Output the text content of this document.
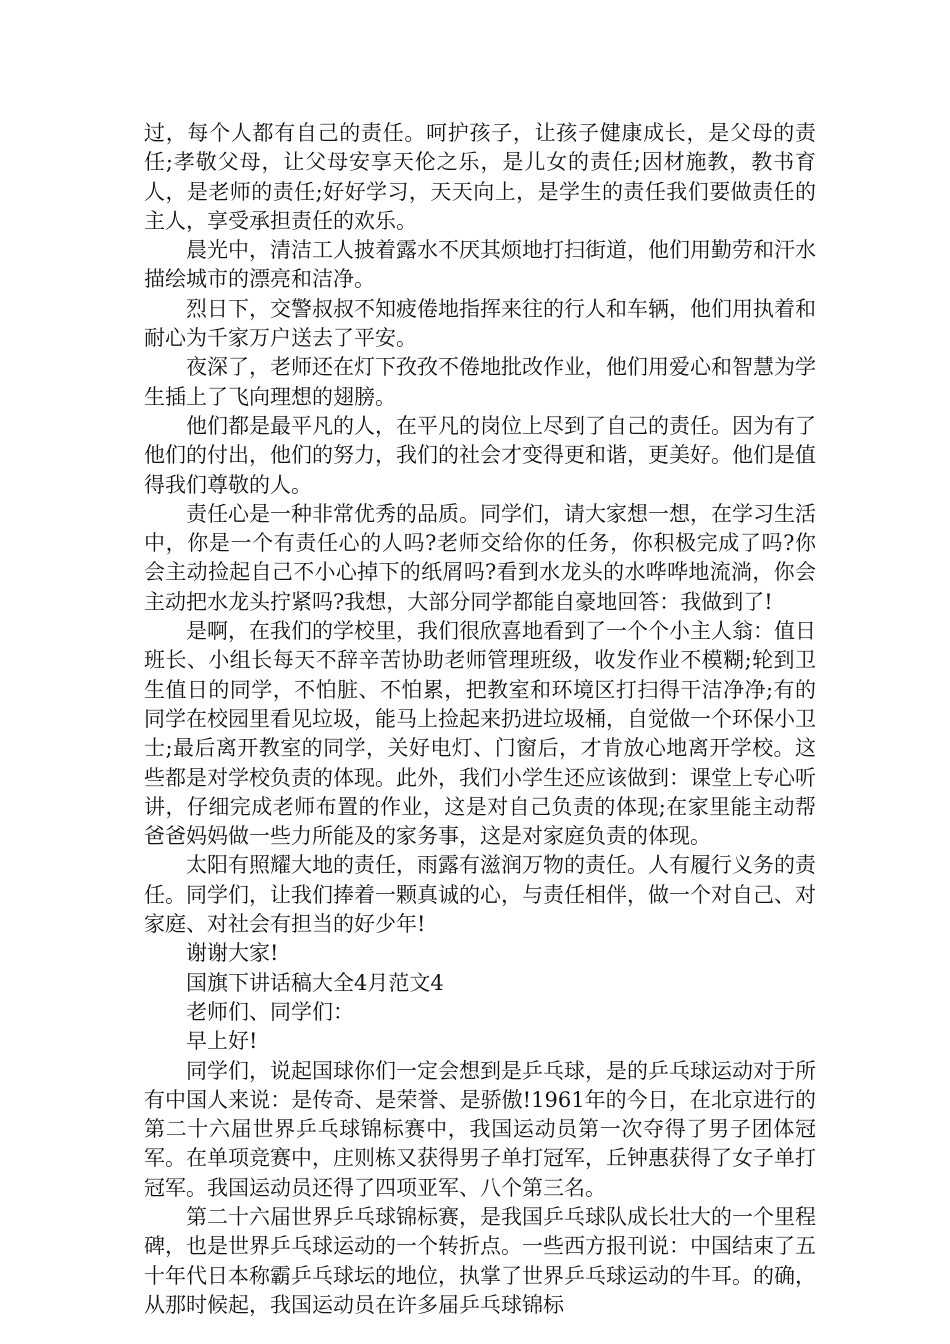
过，每个人都有自己的责任。呵护孩子，让孩子健康成长，是父母的责任;孝敬父母，让父母安享天伦之乐，是儿女的责任;因材施教，教书育人，是老师的责任;好好学习，天天向上，是学生的责任我们要做责任的主人，享受承担责任的欢乐。

晨光中，清洁工人披着露水不厌其烦地打扫街道，他们用勤劳和汗水描绘城市的漂亮和洁净。

烈日下，交警叔叔不知疲倦地指挥来往的行人和车辆，他们用执着和耐心为千家万户送去了平安。

夜深了，老师还在灯下孜孜不倦地批改作业，他们用爱心和智慧为学生插上了飞向理想的翅膀。

他们都是最平凡的人，在平凡的岗位上尽到了自己的责任。因为有了他们的付出，他们的努力，我们的社会才变得更和谐，更美好。他们是值得我们尊敬的人。

责任心是一种非常优秀的品质。同学们，请大家想一想，在学习生活中，你是一个有责任心的人吗?老师交给你的任务，你积极完成了吗?你会主动捡起自己不小心掉下的纸屑吗?看到水龙头的水哗哗地流淌，你会主动把水龙头拧紧吗?我想，大部分同学都能自豪地回答：我做到了!

是啊，在我们的学校里，我们很欣喜地看到了一个个小主人翁：值日班长、小组长每天不辞辛苦协助老师管理班级，收发作业不模糊;轮到卫生值日的同学，不怕脏、不怕累，把教室和环境区打扫得干洁净净;有的同学在校园里看见垃圾，能马上捡起来扔进垃圾桶，自觉做一个环保小卫士;最后离开教室的同学，关好电灯、门窗后，才肯放心地离开学校。这些都是对学校负责的体现。此外，我们小学生还应该做到：课堂上专心听讲，仔细完成老师布置的作业，这是对自己负责的体现;在家里能主动帮爸爸妈妈做一些力所能及的家务事，这是对家庭负责的体现。

太阳有照耀大地的责任，雨露有滋润万物的责任。人有履行义务的责任。同学们，让我们捧着一颗真诚的心，与责任相伴，做一个对自己、对家庭、对社会有担当的好少年!

谢谢大家!

国旗下讲话稿大全4月范文4

老师们、同学们：

早上好!

同学们，说起国球你们一定会想到是乒乓球，是的乒乓球运动对于所有中国人来说：是传奇、是荣誉、是骄傲!1961年的今日，在北京进行的第二十六届世界乒乓球锦标赛中，我国运动员第一次夺得了男子团体冠军。在单项竞赛中，庄则栋又获得男子单打冠军，丘钟惠获得了女子单打冠军。我国运动员还得了四项亚军、八个第三名。

第二十六届世界乒乓球锦标赛，是我国乒乓球队成长壮大的一个里程碑，也是世界乒乓球运动的一个转折点。一些西方报刊说：中国结束了五十年代日本称霸乒乓球坛的地位，执掌了世界乒乓球运动的牛耳。的确，从那时候起，我国运动员在许多届乒乓球锦标
